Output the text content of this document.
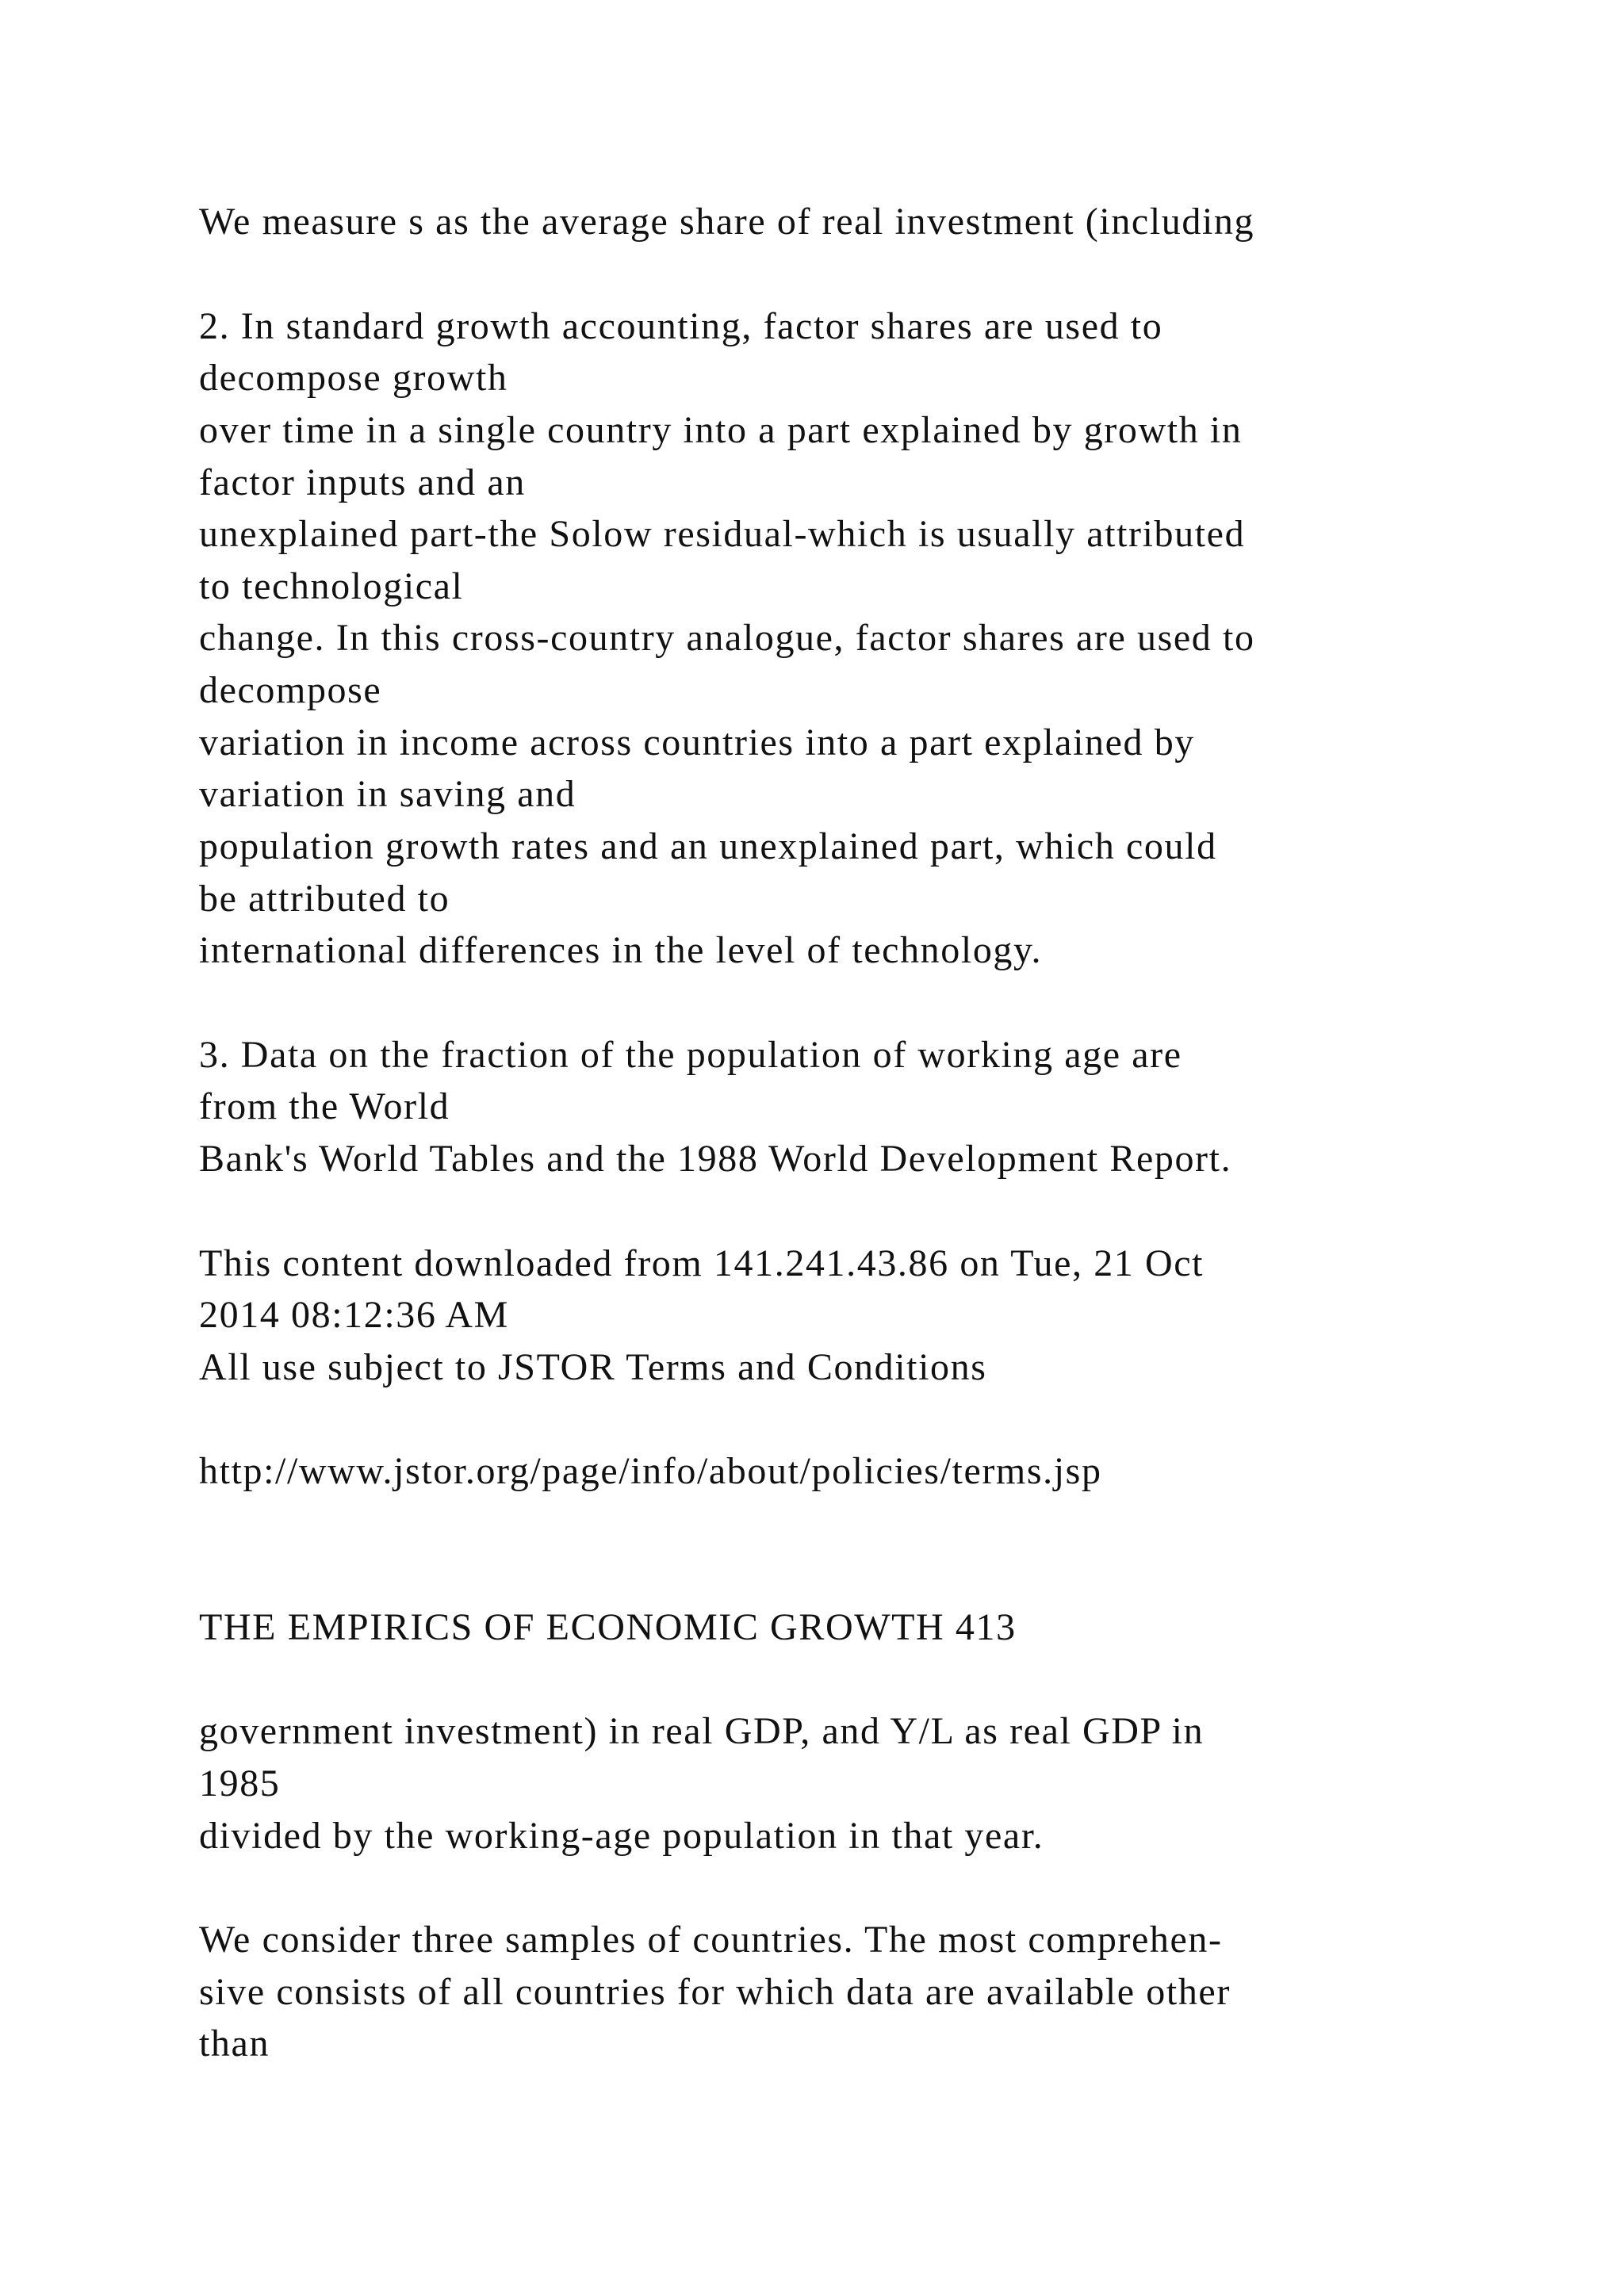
We measure s as the average share of real investment (including

2. In standard growth accounting, factor shares are used to

decompose growth

over time in a single country into a part explained by growth in

factor inputs and an

unexplained part-the Solow residual-which is usually attributed

to technological

change. In this cross-country analogue, factor shares are used to

decompose

variation in income across countries into a part explained by

variation in saving and

population growth rates and an unexplained part, which could

be attributed to

international differences in the level of technology.

3. Data on the fraction of the population of working age are

from the World

Bank's World Tables and the 1988 World Development Report.

This content downloaded from 141.241.43.86 on Tue, 21 Oct

2014 08:12:36 AM

All use subject to JSTOR Terms and Conditions

http://www.jstor.org/page/info/about/policies/terms.jsp

THE EMPIRICS OF ECONOMIC GROWTH 413

government investment) in real GDP, and Y/L as real GDP in

1985

divided by the working-age population in that year.

We consider three samples of countries. The most comprehen-

sive consists of all countries for which data are available other

than
